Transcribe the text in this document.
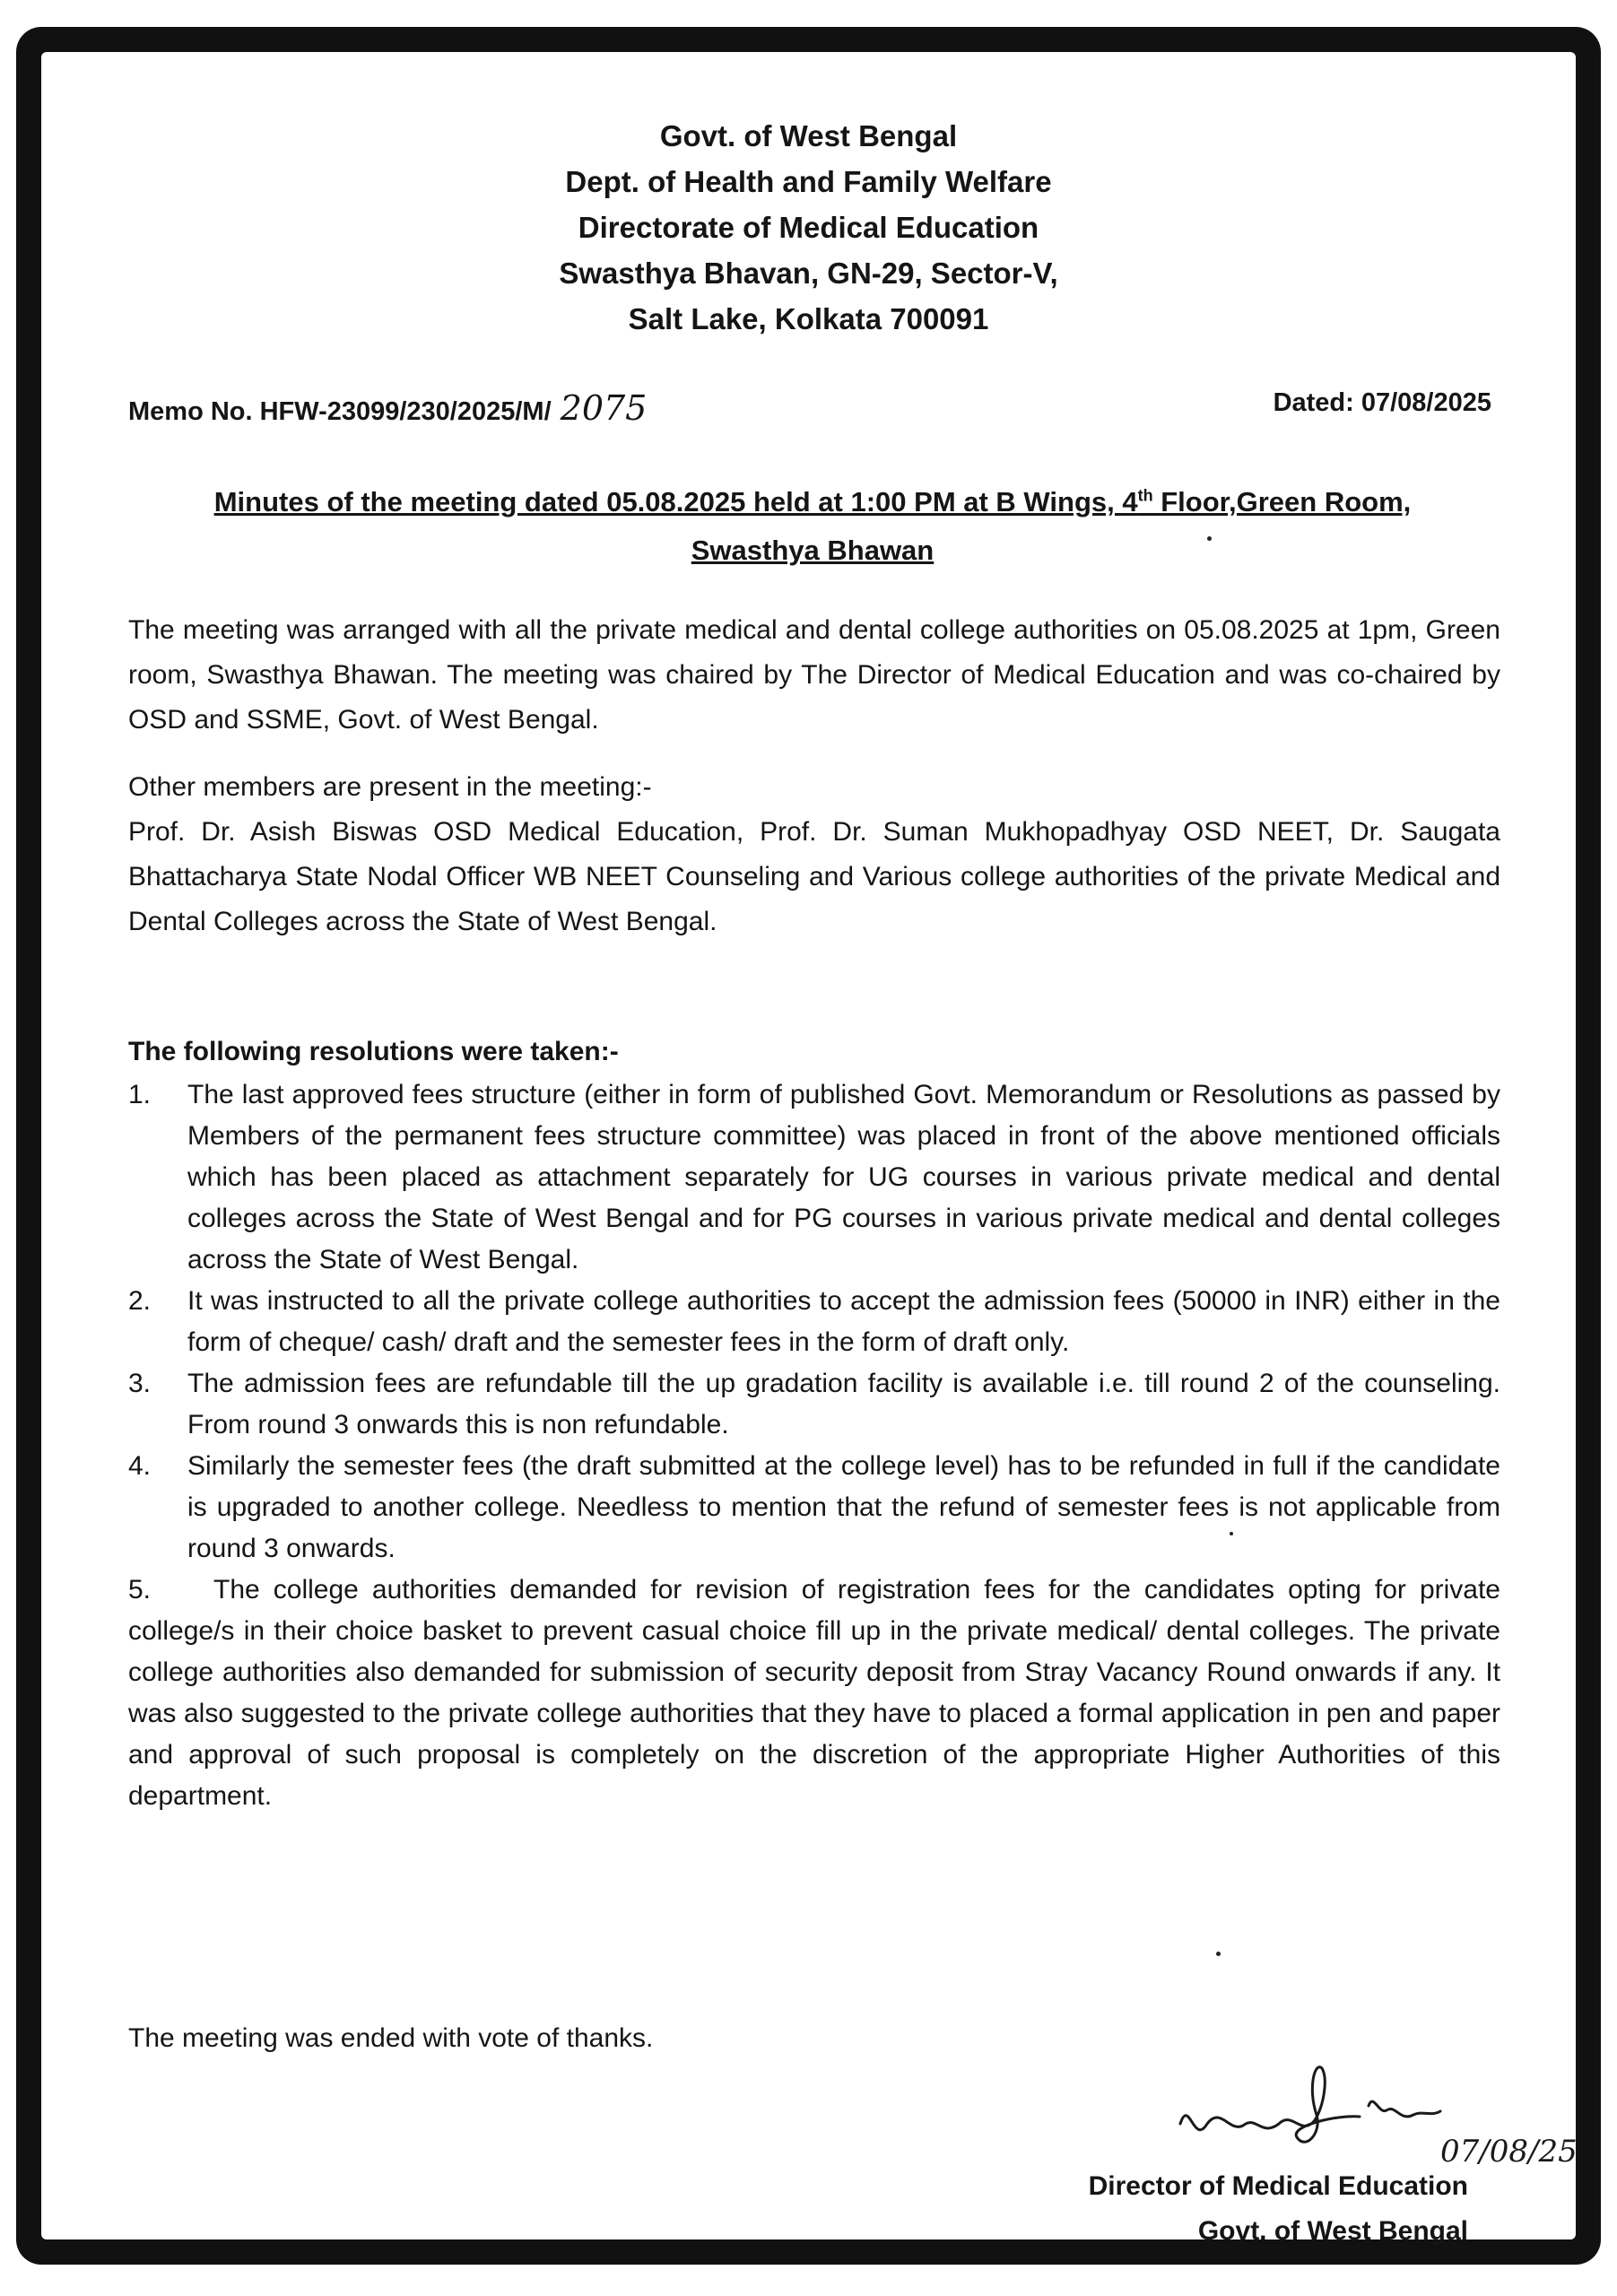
Govt. of West Bengal
Dept. of Health and Family Welfare
Directorate of Medical Education
Swasthya Bhavan, GN-29, Sector-V,
Salt Lake, Kolkata 700091
Memo No. HFW-23099/230/2025/M/ 2075	Dated: 07/08/2025
Minutes of the meeting dated 05.08.2025 held at 1:00 PM at B Wings, 4th Floor,Green Room,
Swasthya Bhawan
The meeting was arranged with all the private medical and dental college authorities on 05.08.2025 at 1pm, Green room, Swasthya Bhawan. The meeting was chaired by The Director of Medical Education and was co-chaired by OSD and SSME, Govt. of West Bengal.
Other members are present in the meeting:-
Prof. Dr. Asish Biswas OSD Medical Education, Prof. Dr. Suman Mukhopadhyay OSD NEET, Dr. Saugata Bhattacharya State Nodal Officer WB NEET Counseling and Various college authorities of the private Medical and Dental Colleges across the State of West Bengal.
The following resolutions were taken:-
1. The last approved fees structure (either in form of published Govt. Memorandum or Resolutions as passed by Members of the permanent fees structure committee) was placed in front of the above mentioned officials which has been placed as attachment separately for UG courses in various private medical and dental colleges across the State of West Bengal and for PG courses in various private medical and dental colleges across the State of West Bengal.
2. It was instructed to all the private college authorities to accept the admission fees (50000 in INR) either in the form of cheque/ cash/ draft and the semester fees in the form of draft only.
3. The admission fees are refundable till the up gradation facility is available i.e. till round 2 of the counseling. From round 3 onwards this is non refundable.
4. Similarly the semester fees (the draft submitted at the college level) has to be refunded in full if the candidate is upgraded to another college. Needless to mention that the refund of semester fees is not applicable from round 3 onwards.
5. The college authorities demanded for revision of registration fees for the candidates opting for private college/s in their choice basket to prevent casual choice fill up in the private medical/ dental colleges. The private college authorities also demanded for submission of security deposit from Stray Vacancy Round onwards if any. It was also suggested to the private college authorities that they have to placed a formal application in pen and paper and approval of such proposal is completely on the discretion of the appropriate Higher Authorities of this department.
The meeting was ended with vote of thanks.
07/08/25
Director of Medical Education
Govt. of West Bengal
